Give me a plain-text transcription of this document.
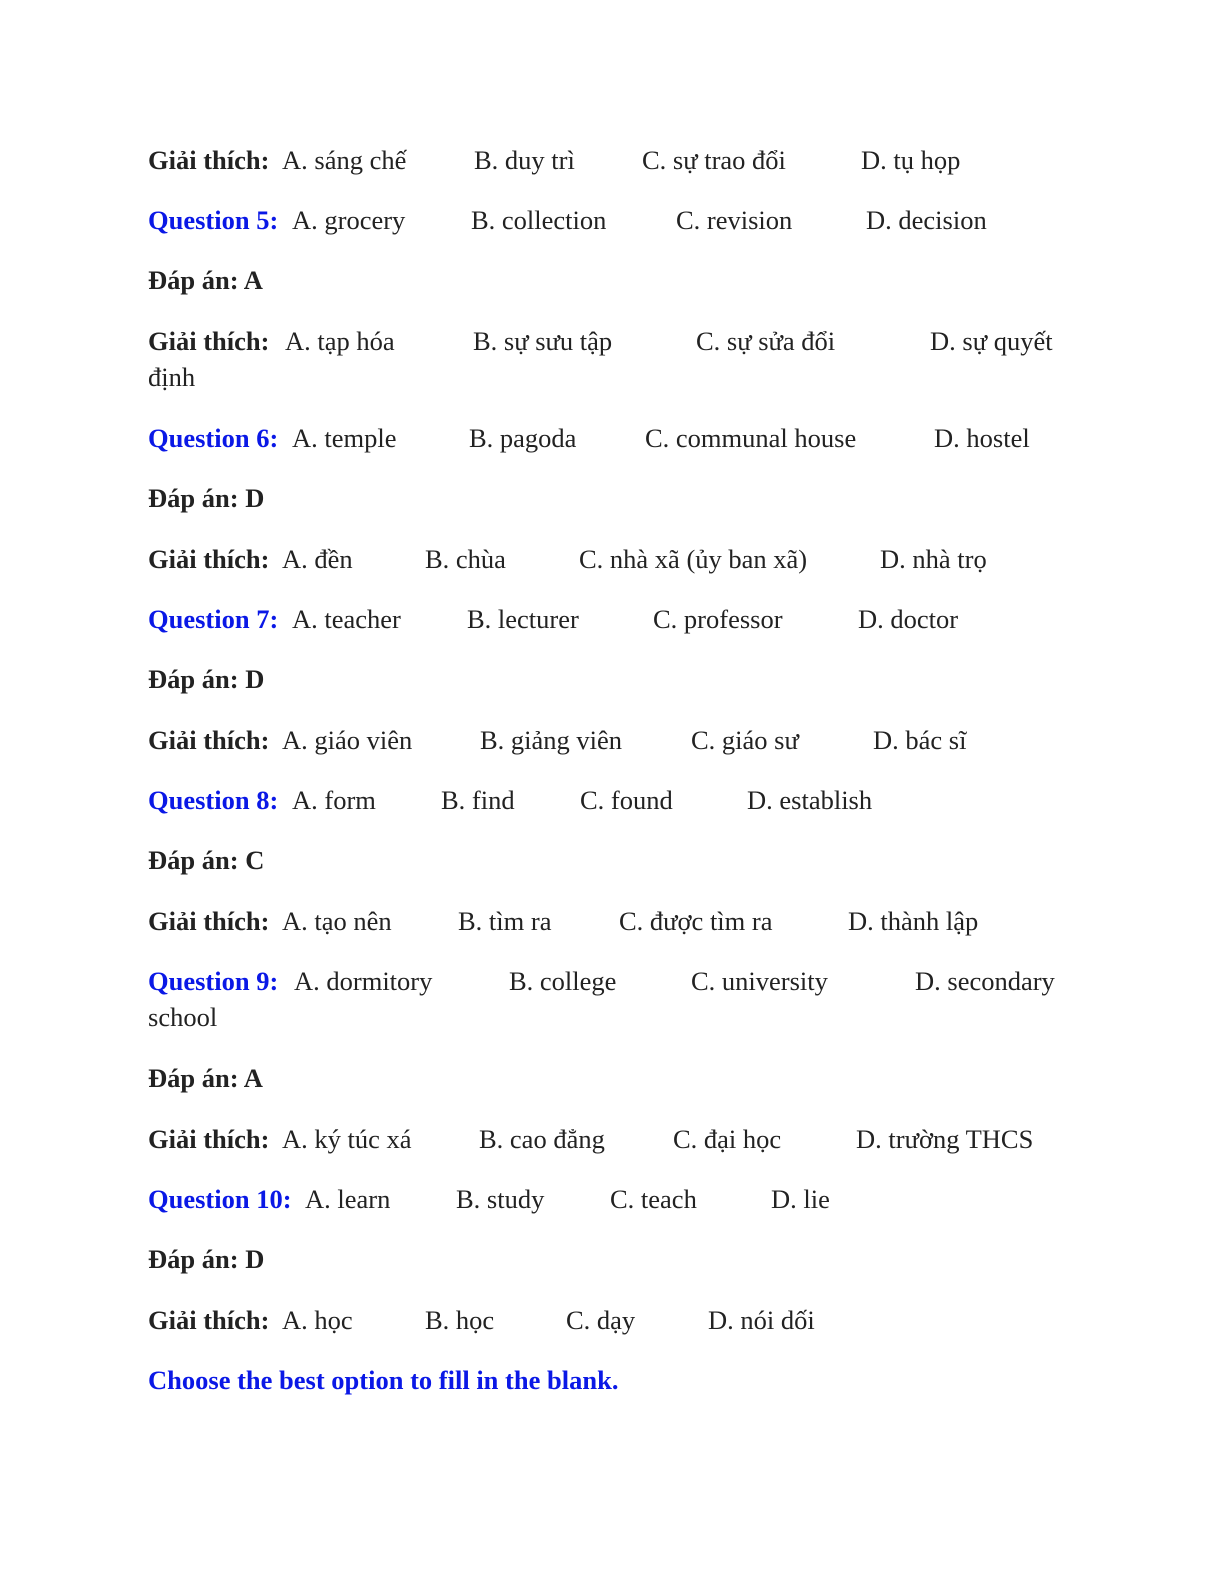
Giải thích: A. sáng chế	B. duy trì	C. sự trao đổi	D. tụ họp
Question 5: A. grocery B. collection	C. revision	D. decision
Đáp án: A
Giải thích: A. tạp hóa	B. sự sưu tập	C. sự sửa đổi	D. sự quyết
định
Question 6: A. temple	B. pagoda	C. communal house	D. hostel
Đáp án: D
Giải thích: A. đền	B. chùa	C. nhà xã (ủy ban xã)	D. nhà trọ
Question 7: A. teacher B. lecturer	C. professor	D. doctor
Đáp án: D
Giải thích: A. giáo viên	B. giảng viên	C. giáo sư	D. bác sĩ
Question 8: A. form B. find C. found	D. establish
Đáp án: C
Giải thích: A. tạo nên	B. tìm ra	C. được tìm ra	D. thành lập
Question 9: A. dormitory	B. college	C. university	D. secondary
school
Đáp án: A
Giải thích: A. ký túc xá	B. cao đẳng	C. đại học	D. trường THCS
Question 10: A. learn B. study C. teach	D. lie
Đáp án: D
Giải thích: A. học	B. học	C. dạy	D. nói dối
Choose the best option to fill in the blank.
